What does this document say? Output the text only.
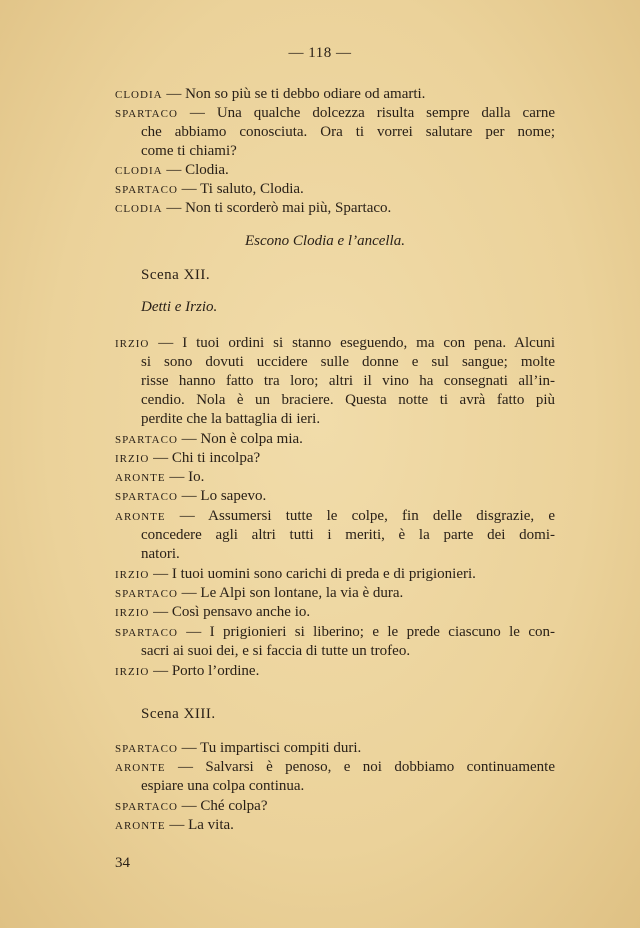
— 118 —
CLODIA — Non so più se ti debbo odiare od amarti.
SPARTACO — Una qualche dolcezza risulta sempre dalla carne
che abbiamo conosciuta. Ora ti vorrei salutare per nome;
come ti chiami?
CLODIA — Clodia.
SPARTACO — Ti saluto, Clodia.
CLODIA — Non ti scorderò mai più, Spartaco.
Escono Clodia e l’ancella.
Scena XII.
Detti e Irzio.
IRZIO — I tuoi ordini si stanno eseguendo, ma con pena. Alcuni
si sono dovuti uccidere sulle donne e sul sangue; molte
risse hanno fatto tra loro; altri il vino ha consegnati all’in-
cendio. Nola è un braciere. Questa notte ti avrà fatto più
perdite che la battaglia di ieri.
SPARTACO — Non è colpa mia.
IRZIO — Chi ti incolpa?
ARONTE — Io.
SPARTACO — Lo sapevo.
ARONTE — Assumersi tutte le colpe, fin delle disgrazie, e
concedere agli altri tutti i meriti, è la parte dei domi-
natori.
IRZIO — I tuoi uomini sono carichi di preda e di prigionieri.
SPARTACO — Le Alpi son lontane, la via è dura.
IRZIO — Così pensavo anche io.
SPARTACO — I prigionieri si liberino; e le prede ciascuno le con-
sacri ai suoi dei, e si faccia di tutte un trofeo.
IRZIO — Porto l’ordine.
Scena XIII.
SPARTACO — Tu impartisci compiti duri.
ARONTE — Salvarsi è penoso, e noi dobbiamo continuamente
espiare una colpa continua.
SPARTACO — Ché colpa?
ARONTE — La vita.
34
